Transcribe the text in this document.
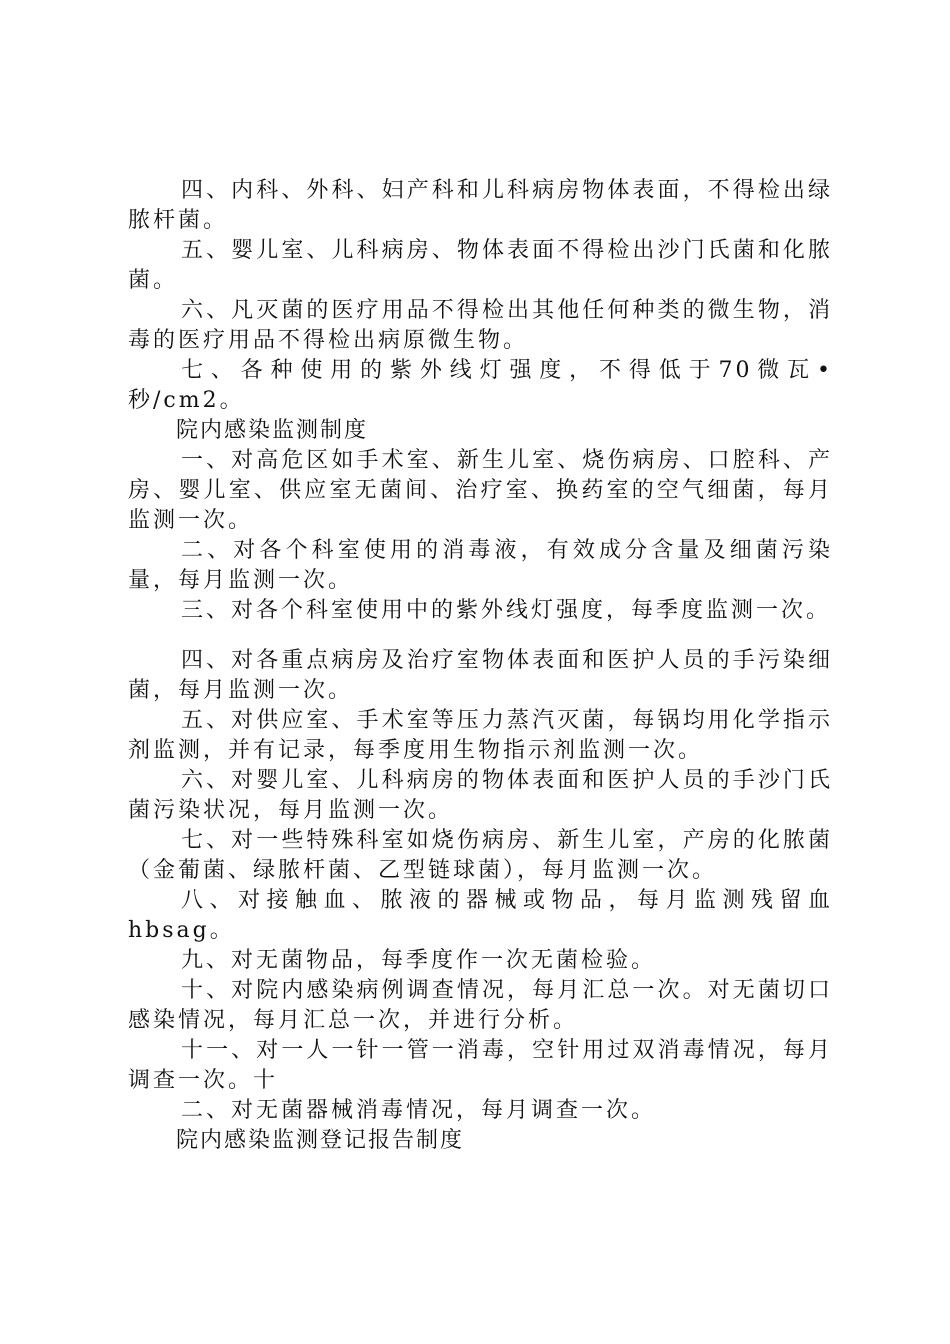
四、内科、外科、妇产科和儿科病房物体表面，不得检出绿脓杆菌。

五、婴儿室、儿科病房、物体表面不得检出沙门氏菌和化脓菌。

六、凡灭菌的医疗用品不得检出其他任何种类的微生物，消毒的医疗用品不得检出病原微生物。

七、各种使用的紫外线灯强度，不得低于70微瓦•秒/cm2。

院内感染监测制度

一、对高危区如手术室、新生儿室、烧伤病房、口腔科、产房、婴儿室、供应室无菌间、治疗室、换药室的空气细菌，每月监测一次。

二、对各个科室使用的消毒液，有效成分含量及细菌污染量，每月监测一次。

三、对各个科室使用中的紫外线灯强度，每季度监测一次。

四、对各重点病房及治疗室物体表面和医护人员的手污染细菌，每月监测一次。

五、对供应室、手术室等压力蒸汽灭菌，每锅均用化学指示剂监测，并有记录，每季度用生物指示剂监测一次。

六、对婴儿室、儿科病房的物体表面和医护人员的手沙门氏菌污染状况，每月监测一次。

七、对一些特殊科室如烧伤病房、新生儿室，产房的化脓菌（金葡菌、绿脓杆菌、乙型链球菌），每月监测一次。

八、对接触血、脓液的器械或物品，每月监测残留血hbsag。

九、对无菌物品，每季度作一次无菌检验。

十、对院内感染病例调查情况，每月汇总一次。对无菌切口感染情况，每月汇总一次，并进行分析。

十一、对一人一针一管一消毒，空针用过双消毒情况，每月调查一次。十

二、对无菌器械消毒情况，每月调查一次。

院内感染监测登记报告制度
